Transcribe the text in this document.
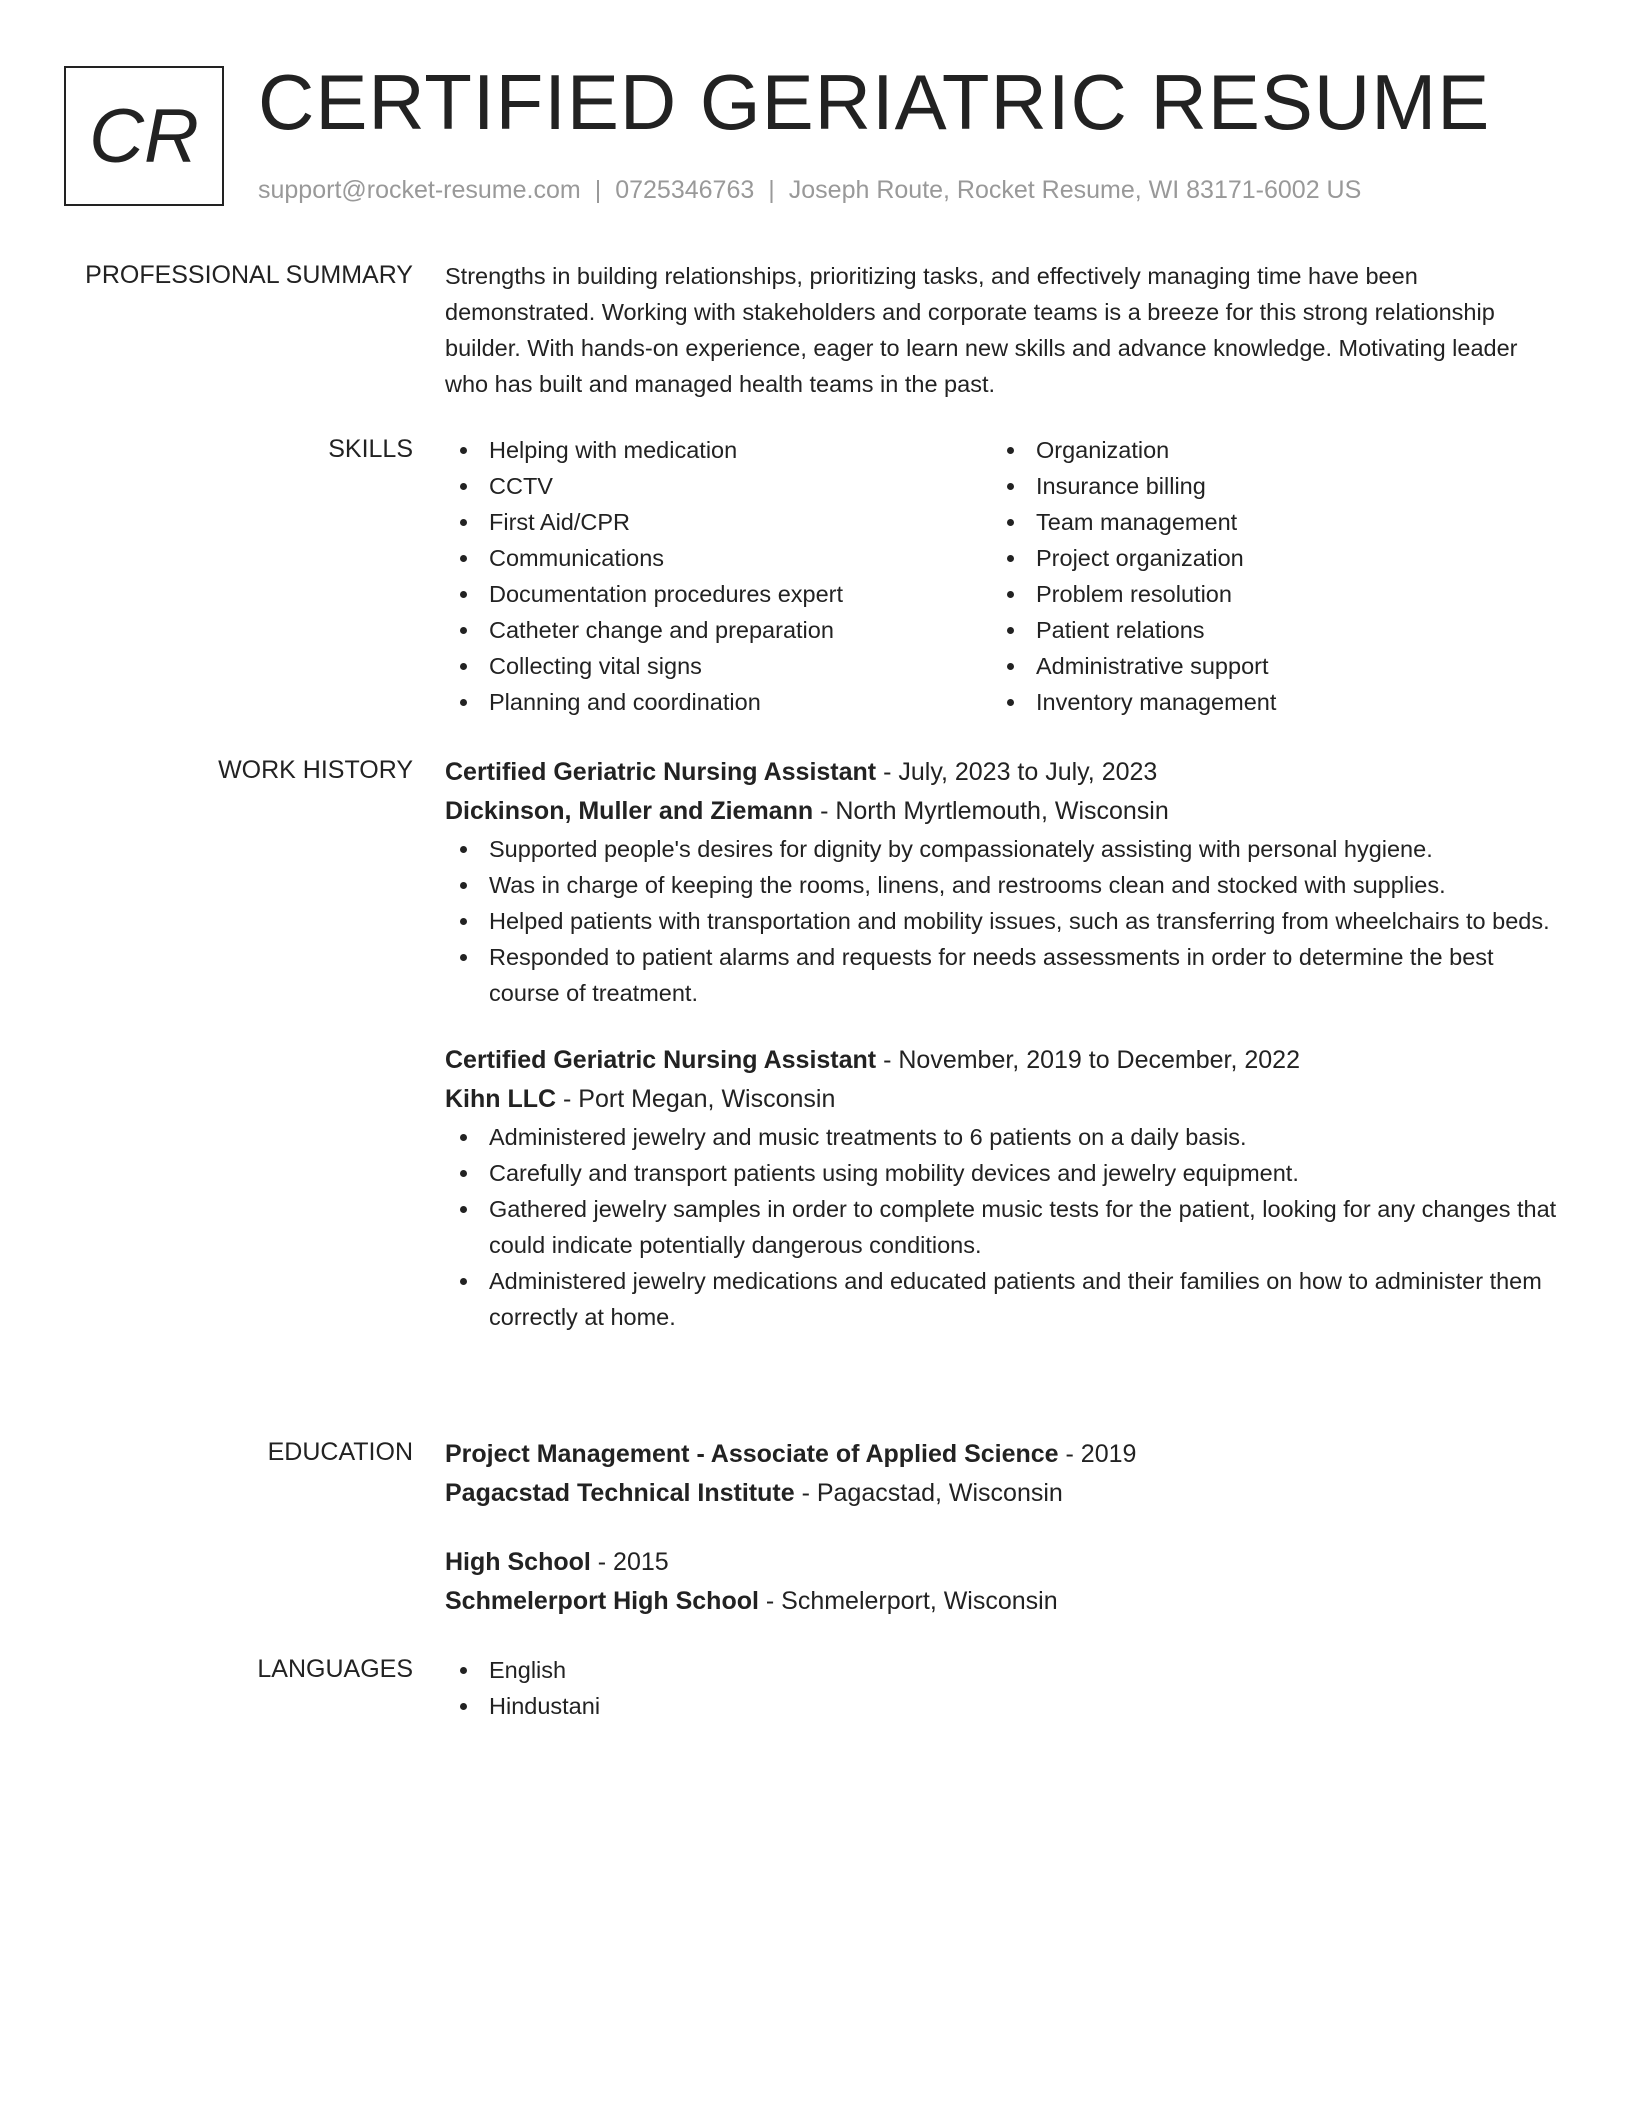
CR CERTIFIED GERIATRIC RESUME
support@rocket-resume.com | 0725346763 | Joseph Route, Rocket Resume, WI 83171-6002 US
PROFESSIONAL SUMMARY Strengths in building relationships, prioritizing tasks, and effectively managing time have been demonstrated. Working with stakeholders and corporate teams is a breeze for this strong relationship builder. With hands-on experience, eager to learn new skills and advance knowledge. Motivating leader who has built and managed health teams in the past.

SKILLS	Helping with medication
CCTV
First Aid/CPR
Communications
Documentation procedures expert
Catheter change and preparation
Collecting vital signs
Planning and coordination
Organization
Insurance billing
Team management
Project organization
Problem resolution
Patient relations
Administrative support
Inventory management
WORK HISTORY Certified Geriatric Nursing Assistant - July, 2023 to July, 2023
Dickinson, Muller and Ziemann - North Myrtlemouth, Wisconsin
Supported people's desires for dignity by compassionately assisting with personal hygiene.
Was in charge of keeping the rooms, linens, and restrooms clean and stocked with supplies.
Helped patients with transportation and mobility issues, such as transferring from wheelchairs to beds.
Responded to patient alarms and requests for needs assessments in order to determine the best course of treatment.
Certified Geriatric Nursing Assistant - November, 2019 to December, 2022
Kihn LLC - Port Megan, Wisconsin
Administered jewelry and music treatments to 6 patients on a daily basis.
Carefully and transport patients using mobility devices and jewelry equipment.
Gathered jewelry samples in order to complete music tests for the patient, looking for any changes that could indicate potentially dangerous conditions.
Administered jewelry medications and educated patients and their families on how to administer them correctly at home.
EDUCATION Project Management - Associate of Applied Science - 2019
Pagacstad Technical Institute - Pagacstad, Wisconsin
High School - 2015
Schmelerport High School - Schmelerport, Wisconsin
LANGUAGES	English
Hindustani
